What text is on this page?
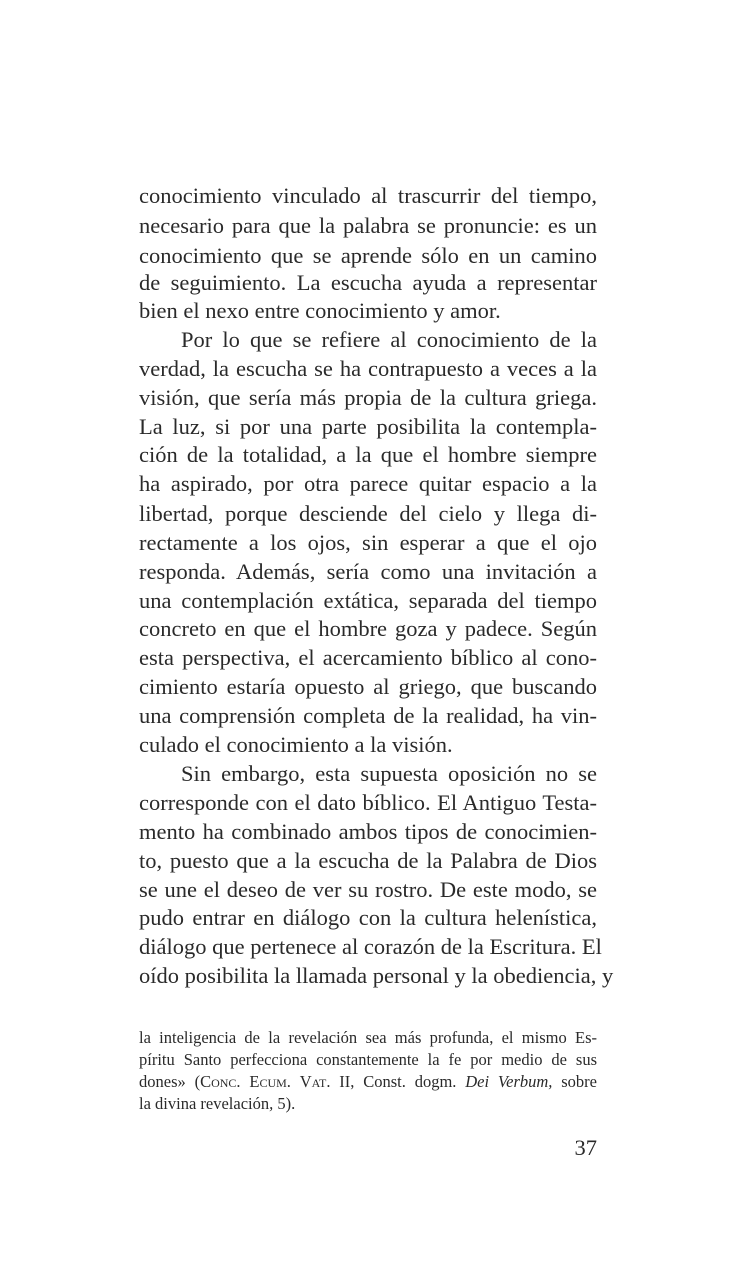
conocimiento vinculado al trascurrir del tiempo,
necesario para que la palabra se pronuncie: es un
conocimiento que se aprende sólo en un camino
de seguimiento. La escucha ayuda a representar
bien el nexo entre conocimiento y amor.
Por lo que se refiere al conocimiento de la
verdad, la escucha se ha contrapuesto a veces a la
visión, que sería más propia de la cultura griega.
La luz, si por una parte posibilita la contempla-
ción de la totalidad, a la que el hombre siempre
ha aspirado, por otra parece quitar espacio a la
libertad, porque desciende del cielo y llega di-
rectamente a los ojos, sin esperar a que el ojo
responda. Además, sería como una invitación a
una contemplación extática, separada del tiempo
concreto en que el hombre goza y padece. Según
esta perspectiva, el acercamiento bíblico al cono-
cimiento estaría opuesto al griego, que buscando
una comprensión completa de la realidad, ha vin-
culado el conocimiento a la visión.
Sin embargo, esta supuesta oposición no se
corresponde con el dato bíblico. El Antiguo Testa-
mento ha combinado ambos tipos de conocimien-
to, puesto que a la escucha de la Palabra de Dios
se une el deseo de ver su rostro. De este modo, se
pudo entrar en diálogo con la cultura helenística,
diálogo que pertenece al corazón de la Escritura. El
oído posibilita la llamada personal y la obediencia, y
la inteligencia de la revelación sea más profunda, el mismo Es-
píritu Santo perfecciona constantemente la fe por medio de sus
dones» (Conc. Ecum. Vat. II, Const. dogm. Dei Verbum, sobre
la divina revelación, 5).
37
